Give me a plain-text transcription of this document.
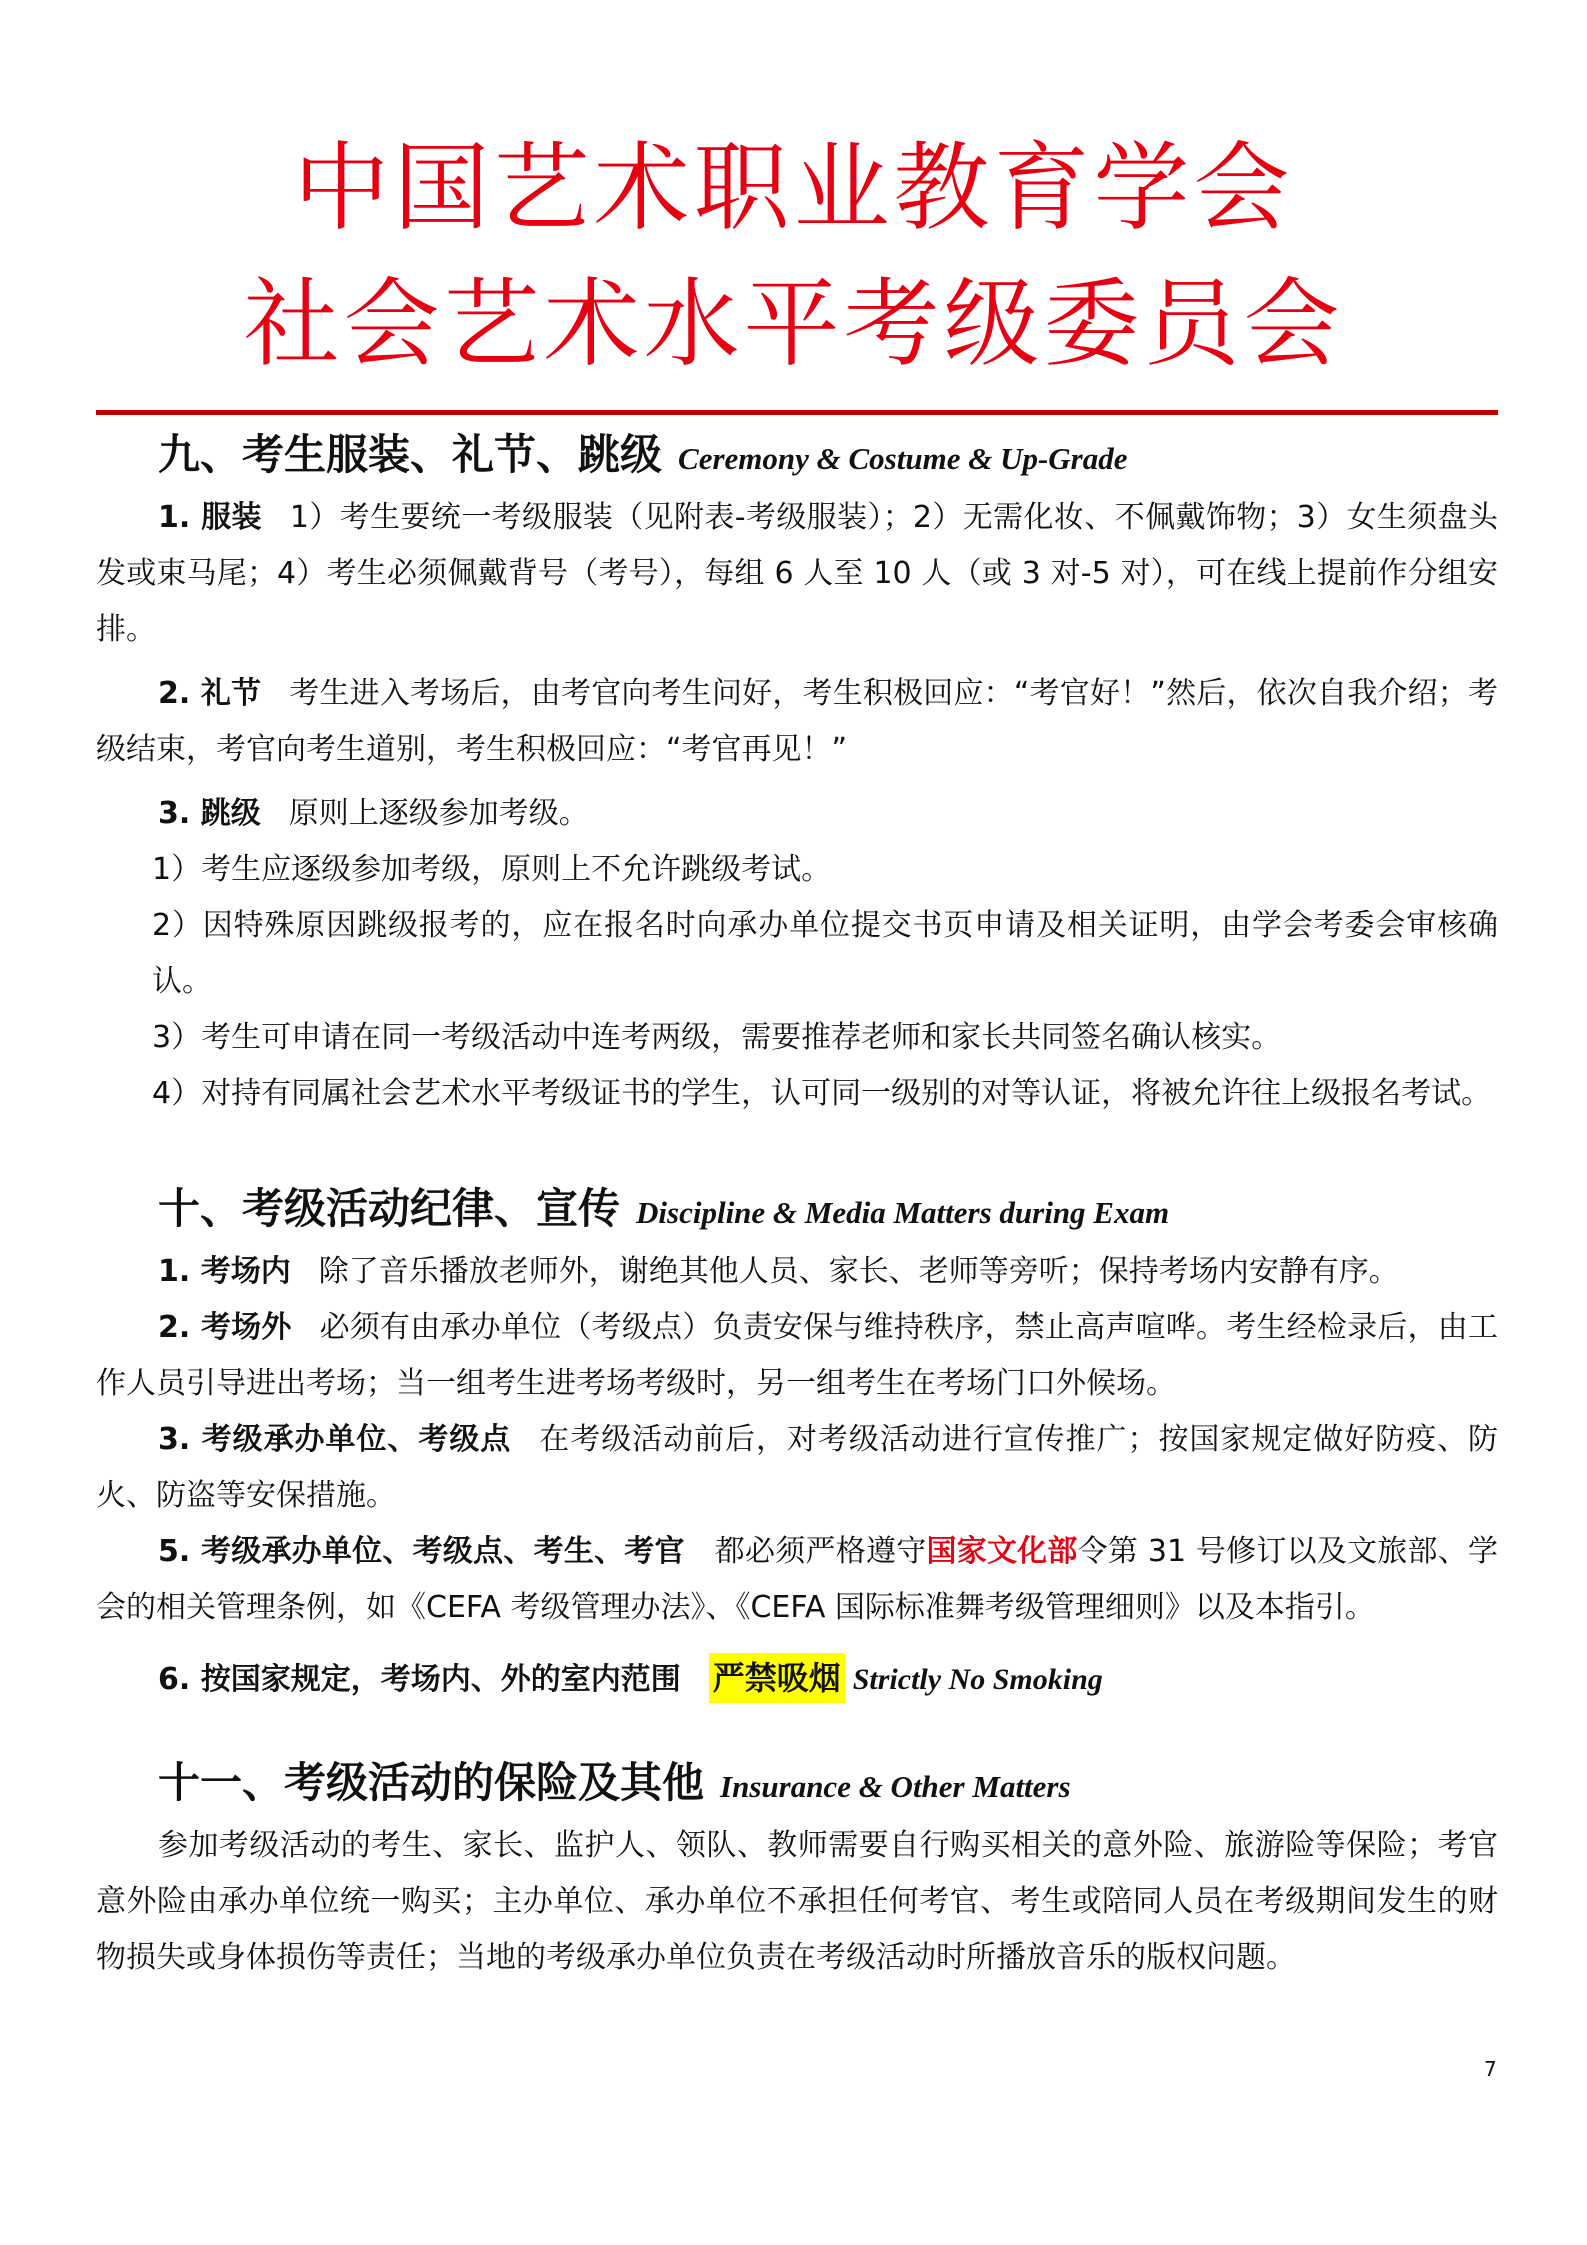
中国艺术职业教育学会
社会艺术水平考级委员会
九、考生服装、礼节、跳级 Ceremony & Costume & Up-Grade

1. 服装 1）考生要统一考级服装（见附表-考级服装）；2）无需化妆、不佩戴饰物；3）女生须盘头发或束马尾；4）考生必须佩戴背号（考号），每组 6 人至 10 人（或 3 对-5 对），可在线上提前作分组安排。

2. 礼节 考生进入考场后，由考官向考生问好，考生积极回应：“考官好！”然后，依次自我介绍；考级结束，考官向考生道别，考生积极回应：“考官再见！”

3. 跳级 原则上逐级参加考级。

1）考生应逐级参加考级，原则上不允许跳级考试。

2）因特殊原因跳级报考的，应在报名时向承办单位提交书页申请及相关证明，由学会考委会审核确认。

3）考生可申请在同一考级活动中连考两级，需要推荐老师和家长共同签名确认核实。

4）对持有同属社会艺术水平考级证书的学生，认可同一级别的对等认证，将被允许往上级报名考试。

十、考级活动纪律、宣传 Discipline & Media Matters during Exam

1. 考场内 除了音乐播放老师外，谢绝其他人员、家长、老师等旁听；保持考场内安静有序。

2. 考场外 必须有由承办单位（考级点）负责安保与维持秩序，禁止高声喧哗。考生经检录后，由工作人员引导进出考场；当一组考生进考场考级时，另一组考生在考场门口外候场。

3. 考级承办单位、考级点 在考级活动前后，对考级活动进行宣传推广；按国家规定做好防疫、防火、防盗等安保措施。

5. 考级承办单位、考级点、考生、考官 都必须严格遵守国家文化部令第 31 号修订以及文旅部、学会的相关管理条例，如《CEFA 考级管理办法》、《CEFA 国际标准舞考级管理细则》以及本指引。

6. 按国家规定，考场内、外的室内范围 严禁吸烟 Strictly No Smoking

十一、考级活动的保险及其他 Insurance & Other Matters

参加考级活动的考生、家长、监护人、领队、教师需要自行购买相关的意外险、旅游险等保险；考官意外险由承办单位统一购买；主办单位、承办单位不承担任何考官、考生或陪同人员在考级期间发生的财物损失或身体损伤等责任；当地的考级承办单位负责在考级活动时所播放音乐的版权问题。

7
